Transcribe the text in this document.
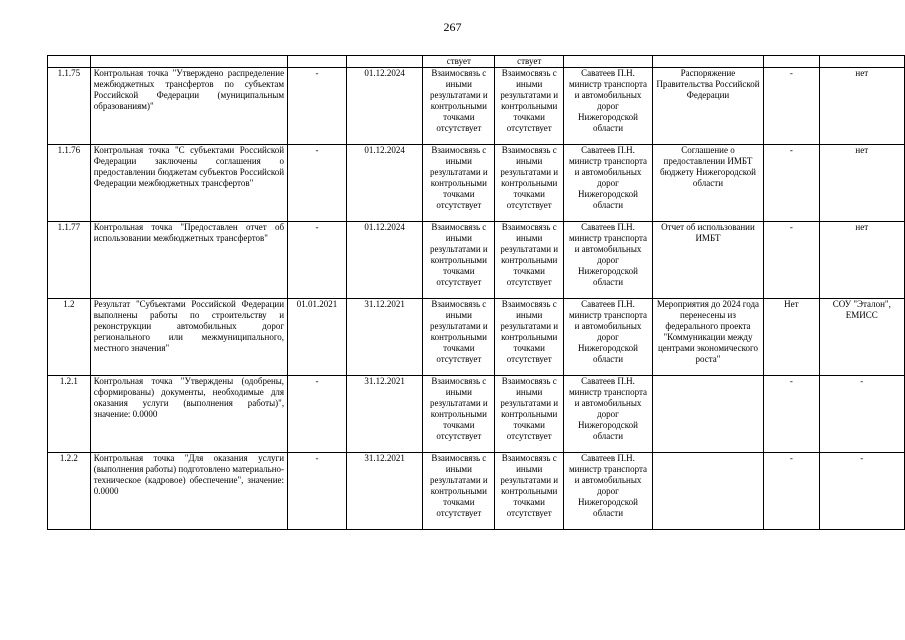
267
				ствует	ствует				
1.1.75	Контрольная точка "Утверждено распределение межбюджетных трансфертов по субъектам Российской Федерации (муниципальным образованиям)"	-	01.12.2024	Взаимосвязь с иными результатами и контрольными точками отсутствует	Взаимосвязь с иными результатами и контрольными точками отсутствует	Саватеев П.Н. министр транспорта и автомобильных дорог Нижегородской области	Распоряжение Правительства Российской Федерации	-	нет
1.1.76	Контрольная точка "С субъектами Российской Федерации заключены соглашения о предоставлении бюджетам субъектов Российской Федерации межбюджетных трансфертов"	-	01.12.2024	Взаимосвязь с иными результатами и контрольными точками отсутствует	Взаимосвязь с иными результатами и контрольными точками отсутствует	Саватеев П.Н. министр транспорта и автомобильных дорог Нижегородской области	Соглашение о предоставлении ИМБТ бюджету Нижегородской области	-	нет
1.1.77	Контрольная точка "Предоставлен отчет об использовании межбюджетных трансфертов"	-	01.12.2024	Взаимосвязь с иными результатами и контрольными точками отсутствует	Взаимосвязь с иными результатами и контрольными точками отсутствует	Саватеев П.Н. министр транспорта и автомобильных дорог Нижегородской области	Отчет об использовании ИМБТ	-	нет
1.2	Результат "Субъектами Российской Федерации выполнены работы по строительству и реконструкции автомобильных дорог регионального или межмуниципального, местного значения"	01.01.2021	31.12.2021	Взаимосвязь с иными результатами и контрольными точками отсутствует	Взаимосвязь с иными результатами и контрольными точками отсутствует	Саватеев П.Н. министр транспорта и автомобильных дорог Нижегородской области	Мероприятия до 2024 года перенесены из федерального проекта "Коммуникации между центрами экономического роста"	Нет	СОУ "Эталон", ЕМИСС
1.2.1	Контрольная точка "Утверждены (одобрены, сформированы) документы, необходимые для оказания услуги (выполнения работы)", значение: 0.0000	-	31.12.2021	Взаимосвязь с иными результатами и контрольными точками отсутствует	Взаимосвязь с иными результатами и контрольными точками отсутствует	Саватеев П.Н. министр транспорта и автомобильных дорог Нижегородской области		-	-
1.2.2	Контрольная точка "Для оказания услуги (выполнения работы) подготовлено материально-техническое (кадровое) обеспечение", значение: 0.0000	-	31.12.2021	Взаимосвязь с иными результатами и контрольными точками отсутствует	Взаимосвязь с иными результатами и контрольными точками отсутствует	Саватеев П.Н. министр транспорта и автомобильных дорог Нижегородской области		-	-
